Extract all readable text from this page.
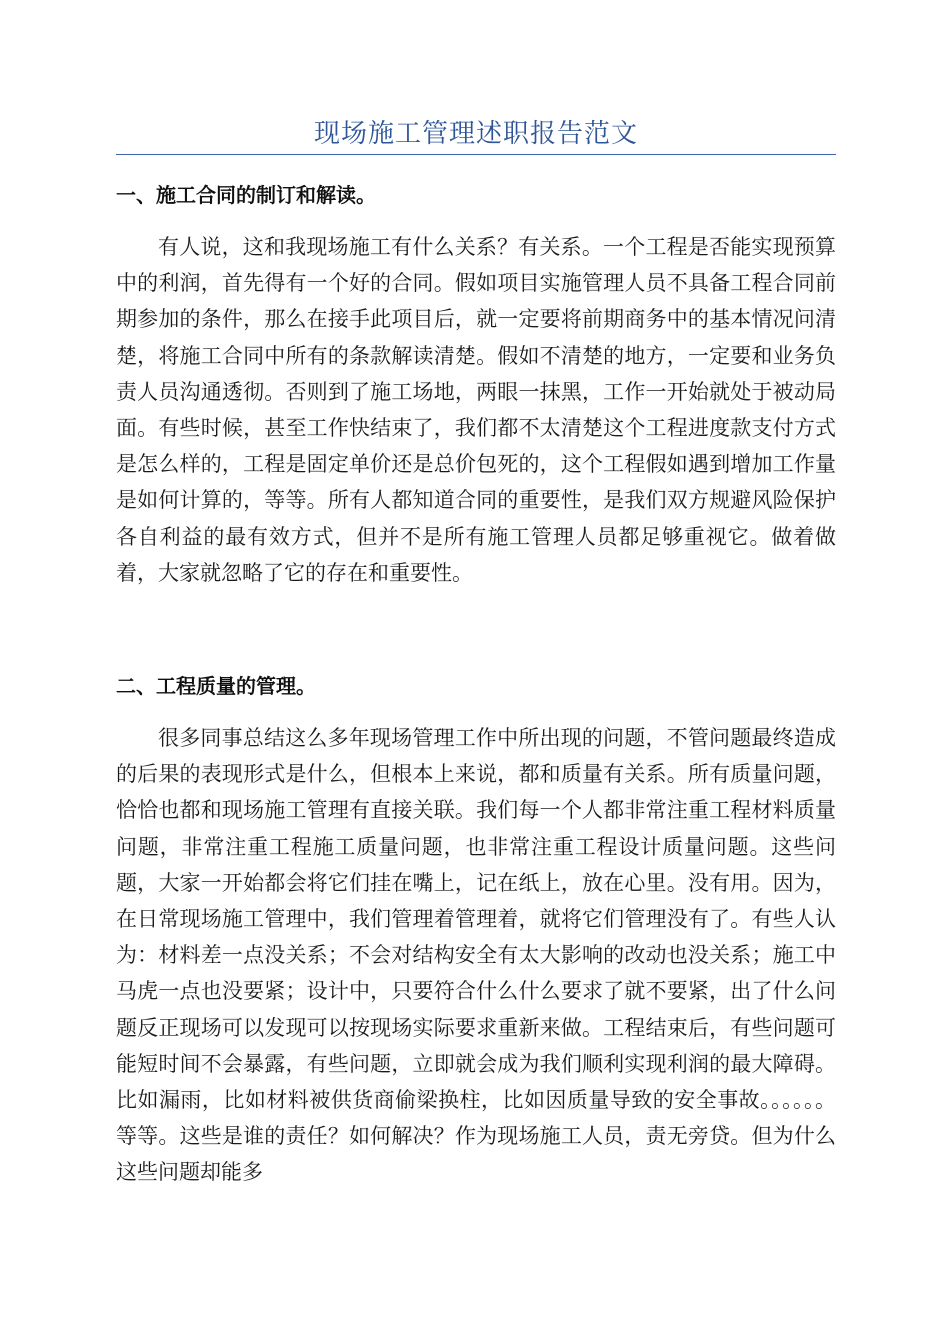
现场施工管理述职报告范文
一、施工合同的制订和解读。

有人说，这和我现场施工有什么关系？有关系。一个工程是否能实现预算中的利润，首先得有一个好的合同。假如项目实施管理人员不具备工程合同前期参加的条件，那么在接手此项目后，就一定要将前期商务中的基本情况问清楚，将施工合同中所有的条款解读清楚。假如不清楚的地方，一定要和业务负责人员沟通透彻。否则到了施工场地，两眼一抹黑，工作一开始就处于被动局面。有些时候，甚至工作快结束了，我们都不太清楚这个工程进度款支付方式是怎么样的，工程是固定单价还是总价包死的，这个工程假如遇到增加工作量是如何计算的，等等。所有人都知道合同的重要性，是我们双方规避风险保护各自利益的最有效方式，但并不是所有施工管理人员都足够重视它。做着做着，大家就忽略了它的存在和重要性。

二、工程质量的管理。

很多同事总结这么多年现场管理工作中所出现的问题，不管问题最终造成的后果的表现形式是什么，但根本上来说，都和质量有关系。所有质量问题，恰恰也都和现场施工管理有直接关联。我们每一个人都非常注重工程材料质量问题，非常注重工程施工质量问题，也非常注重工程设计质量问题。这些问题，大家一开始都会将它们挂在嘴上，记在纸上，放在心里。没有用。因为，在日常现场施工管理中，我们管理着管理着，就将它们管理没有了。有些人认为：材料差一点没关系；不会对结构安全有太大影响的改动也没关系；施工中马虎一点也没要紧；设计中，只要符合什么什么要求了就不要紧，出了什么问题反正现场可以发现可以按现场实际要求重新来做。工程结束后，有些问题可能短时间不会暴露，有些问题，立即就会成为我们顺利实现利润的最大障碍。比如漏雨，比如材料被供货商偷梁换柱，比如因质量导致的安全事故。。。。。。等等。这些是谁的责任？如何解决？作为现场施工人员，责无旁贷。但为什么这些问题却能多
